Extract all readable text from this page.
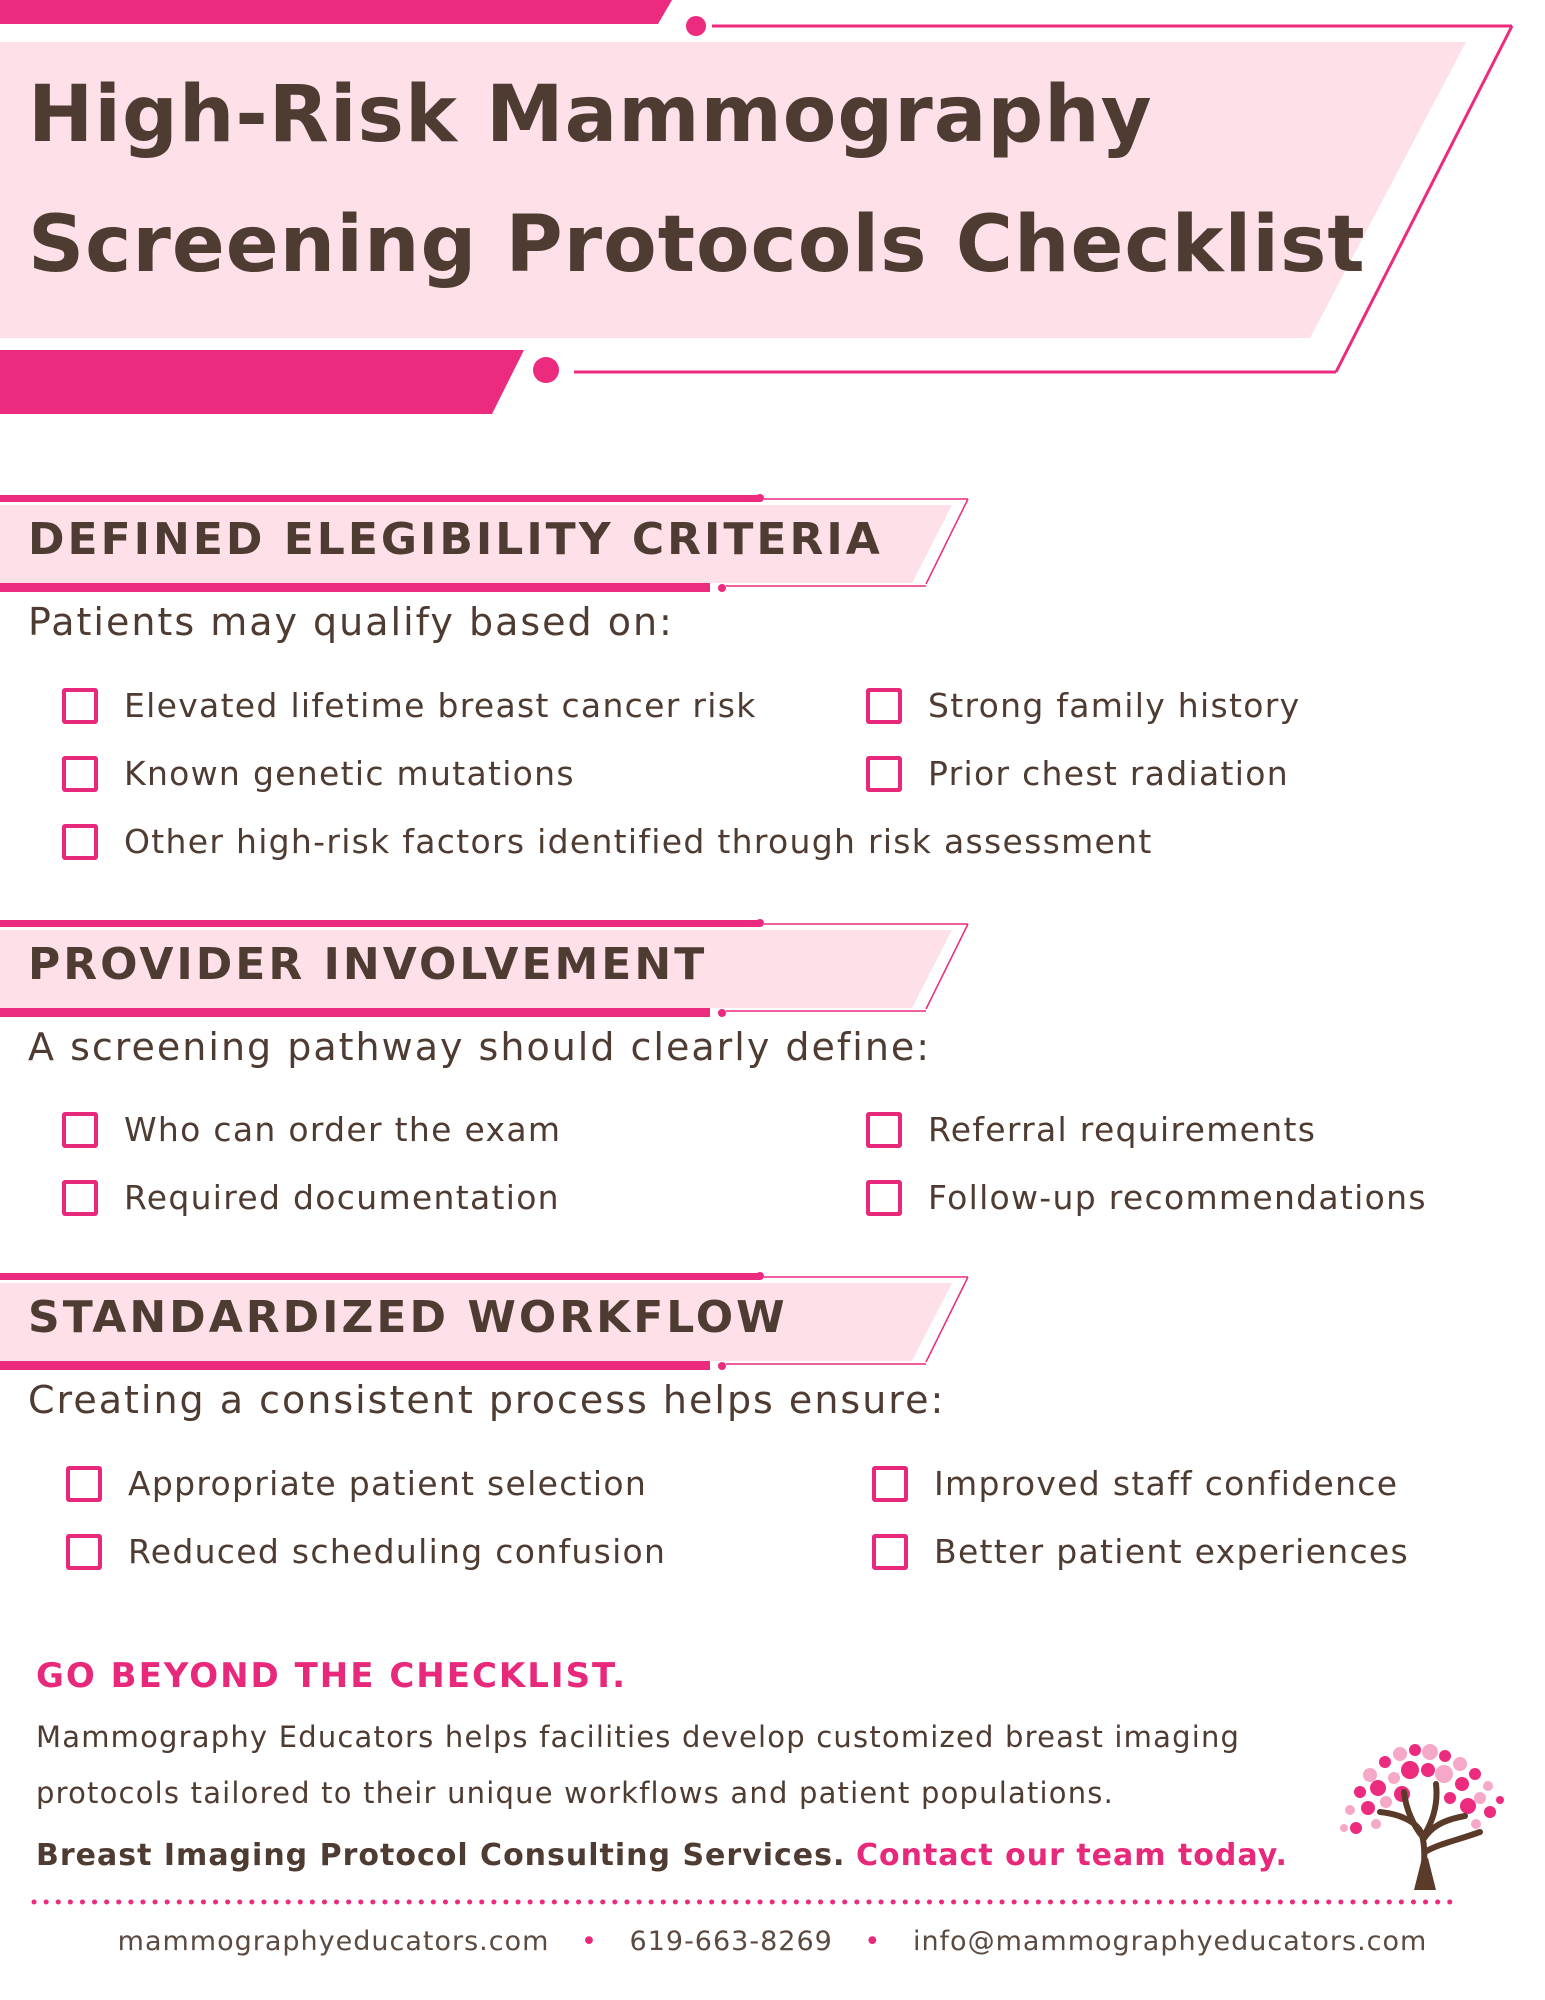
High-Risk Mammography
Screening Protocols Checklist
DEFINED ELEGIBILITY CRITERIA
Patients may qualify based on:
Elevated lifetime breast cancer risk	Strong family history
Known genetic mutations	Prior chest radiation
Other high-risk factors identified through risk assessment
PROVIDER INVOLVEMENT
A screening pathway should clearly define:
Who can order the exam	Referral requirements
Required documentation	Follow-up recommendations
STANDARDIZED WORKFLOW
Creating a consistent process helps ensure:
Appropriate patient selection	Improved staff confidence
Reduced scheduling confusion	Better patient experiences
GO BEYOND THE CHECKLIST.
Mammography Educators helps facilities develop customized breast imaging
protocols tailored to their unique workflows and patient populations.
Breast Imaging Protocol Consulting Services. Contact our team today.
mammographyeducators.com • 619-663-8269 • info@mammographyeducators.com
